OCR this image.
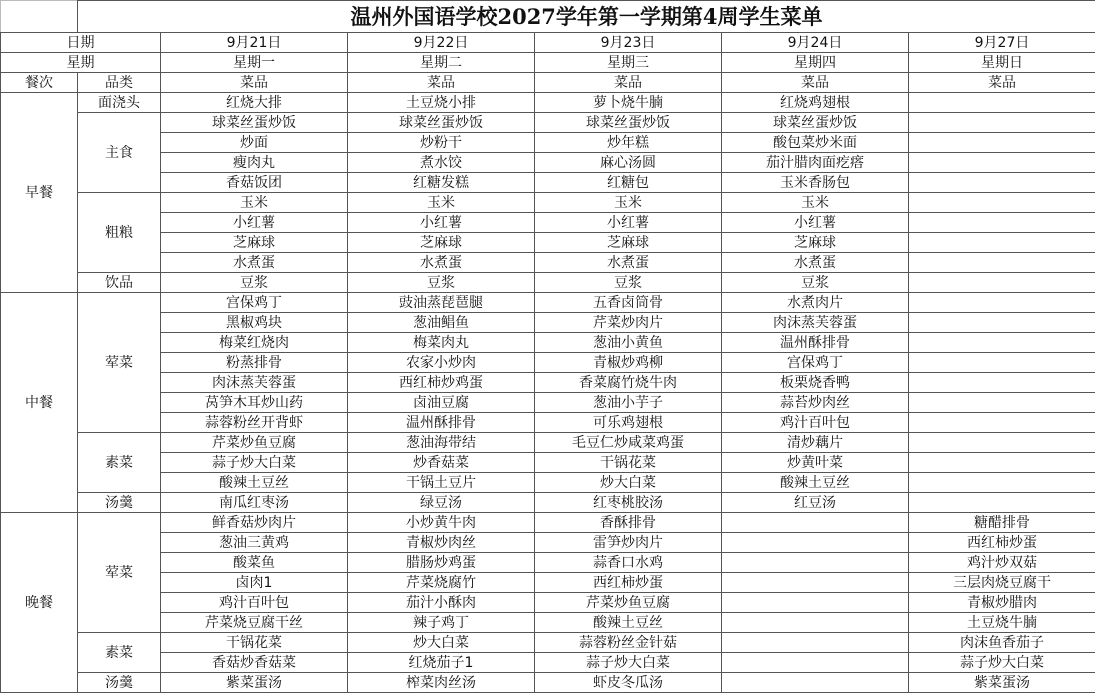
	温州外国语学校2027学年第一学期第4周学生菜单					
日期		9月21日	9月22日	9月23日	9月24日	9月27日
星期		星期一	星期二	星期三	星期四	星期日
餐次	品类	菜品	菜品	菜品	菜品	菜品
早餐	面浇头	红烧大排	土豆烧小排	萝卜烧牛腩	红烧鸡翅根	
	主食	球菜丝蛋炒饭	球菜丝蛋炒饭	球菜丝蛋炒饭	球菜丝蛋炒饭	
		炒面	炒粉干	炒年糕	酸包菜炒米面	
		瘦肉丸	煮水饺	麻心汤圆	茄汁腊肉面疙瘩	
		香菇饭团	红糖发糕	红糖包	玉米香肠包	
	粗粮	玉米	玉米	玉米	玉米	
		小红薯	小红薯	小红薯	小红薯	
		芝麻球	芝麻球	芝麻球	芝麻球	
		水煮蛋	水煮蛋	水煮蛋	水煮蛋	
	饮品	豆浆	豆浆	豆浆	豆浆	
中餐	荤菜	宫保鸡丁	豉油蒸琵琶腿	五香卤筒骨	水煮肉片	
		黑椒鸡块	葱油鲳鱼	芹菜炒肉片	肉沫蒸芙蓉蛋	
		梅菜红烧肉	梅菜肉丸	葱油小黄鱼	温州酥排骨	
		粉蒸排骨	农家小炒肉	青椒炒鸡柳	宫保鸡丁	
		肉沫蒸芙蓉蛋	西红柿炒鸡蛋	香菜腐竹烧牛肉	板栗烧香鸭	
		莴笋木耳炒山药	卤油豆腐	葱油小芋子	蒜苔炒肉丝	
		蒜蓉粉丝开背虾	温州酥排骨	可乐鸡翅根	鸡汁百叶包	
	素菜	芹菜炒鱼豆腐	葱油海带结	毛豆仁炒咸菜鸡蛋	清炒藕片	
		蒜子炒大白菜	炒香菇菜	干锅花菜	炒黄叶菜	
		酸辣土豆丝	干锅土豆片	炒大白菜	酸辣土豆丝	
	汤羹	南瓜红枣汤	绿豆汤	红枣桃胶汤	红豆汤	
晚餐	荤菜	鲜香菇炒肉片	小炒黄牛肉	香酥排骨		糖醋排骨
		葱油三黄鸡	青椒炒肉丝	雷笋炒肉片		西红柿炒蛋
		酸菜鱼	腊肠炒鸡蛋	蒜香口水鸡		鸡汁炒双菇
		卤肉1	芹菜烧腐竹	西红柿炒蛋		三层肉烧豆腐干
		鸡汁百叶包	茄汁小酥肉	芹菜炒鱼豆腐		青椒炒腊肉
		芹菜烧豆腐干丝	辣子鸡丁	酸辣土豆丝		土豆烧牛腩
	素菜	干锅花菜	炒大白菜	蒜蓉粉丝金针菇		肉沫鱼香茄子
		香菇炒香菇菜	红烧茄子1	蒜子炒大白菜		蒜子炒大白菜
	汤羹	紫菜蛋汤	榨菜肉丝汤	虾皮冬瓜汤		紫菜蛋汤
